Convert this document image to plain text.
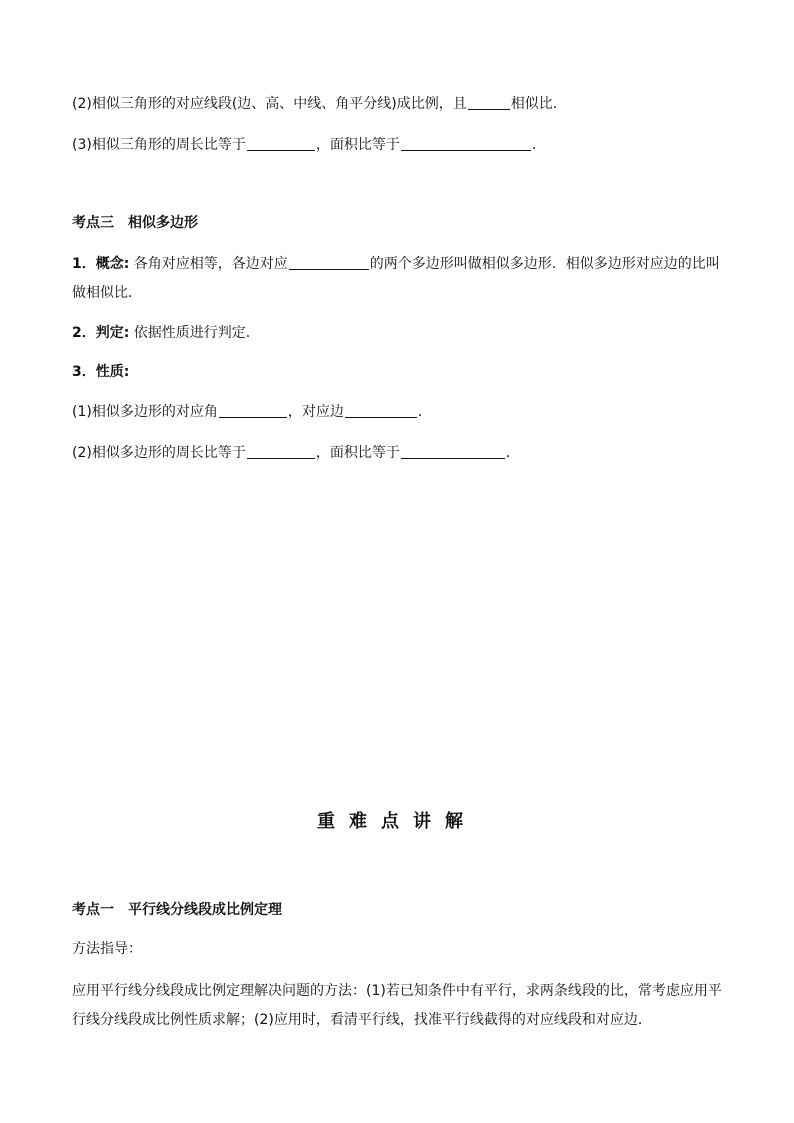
(2)相似三角形的对应线段(边、高、中线、角平分线)成比例，且	相似比．
(3)相似三角形的周长比等于	，面积比等于	.
考点三　相似多边形
1．概念: 各角对应相等，各边对应	的两个多边形叫做相似多边形．相似多边形对应边的比叫
做相似比．
2．判定: 依据性质进行判定.
3．性质:
(1)相似多边形的对应角	，对应边	.
(2)相似多边形的周长比等于	，面积比等于	．
重难点讲解
考点一　平行线分线段成比例定理
方法指导：
应用平行线分线段成比例定理解决问题的方法：(1)若已知条件中有平行，求两条线段的比，常考虑应用平
行线分线段成比例性质求解；(2)应用时，看清平行线，找准平行线截得的对应线段和对应边．
